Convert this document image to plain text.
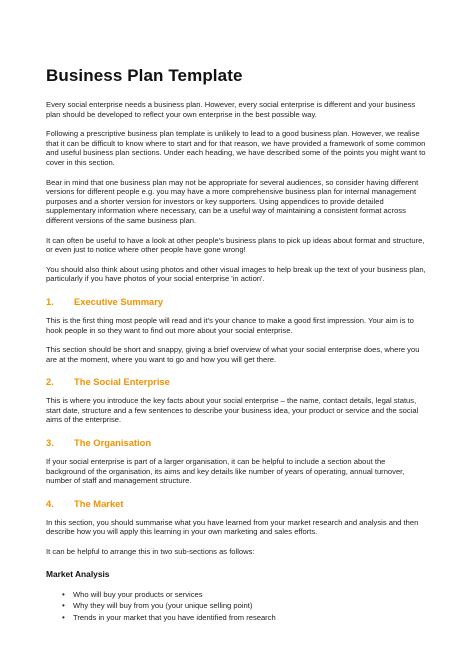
Business Plan Template

Every social enterprise needs a business plan. However, every social enterprise is different and your business plan should be developed to reflect your own enterprise in the best possible way.

Following a prescriptive business plan template is unlikely to lead to a good business plan. However, we realise that it can be difficult to know where to start and for that reason, we have provided a framework of some common and useful business plan sections. Under each heading, we have described some of the points you might want to cover in this section.

Bear in mind that one business plan may not be appropriate for several audiences, so consider having different versions for different people e.g. you may have a more comprehensive business plan for internal management purposes and a shorter version for investors or key supporters. Using appendices to provide detailed supplementary information where necessary, can be a useful way of maintaining a consistent format across different versions of the same business plan.

It can often be useful to have a look at other people's business plans to pick up ideas about format and structure, or even just to notice where other people have gone wrong!

You should also think about using photos and other visual images to help break up the text of your business plan, particularly if you have photos of your social enterprise 'in action'.

1.	Executive Summary

This is the first thing most people will read and it's your chance to make a good first impression. Your aim is to hook people in so they want to find out more about your social enterprise.

This section should be short and snappy, giving a brief overview of what your social enterprise does, where you are at the moment, where you want to go and how you will get there.

2.	The Social Enterprise

This is where you introduce the key facts about your social enterprise – the name, contact details, legal status, start date, structure and a few sentences to describe your business idea, your product or service and the social aims of the enterprise.

3.	The Organisation

If your social enterprise is part of a larger organisation, it can be helpful to include a section about the background of the organisation, its aims and key details like number of years of operating, annual turnover, number of staff and management structure.

4.	The Market

In this section, you should summarise what you have learned from your market research and analysis and then describe how you will apply this learning in your own marketing and sales efforts.

It can be helpful to arrange this in two sub-sections as follows:

Market Analysis
• Who will buy your products or services
• Why they will buy from you (your unique selling point)
• Trends in your market that you have identified from research
